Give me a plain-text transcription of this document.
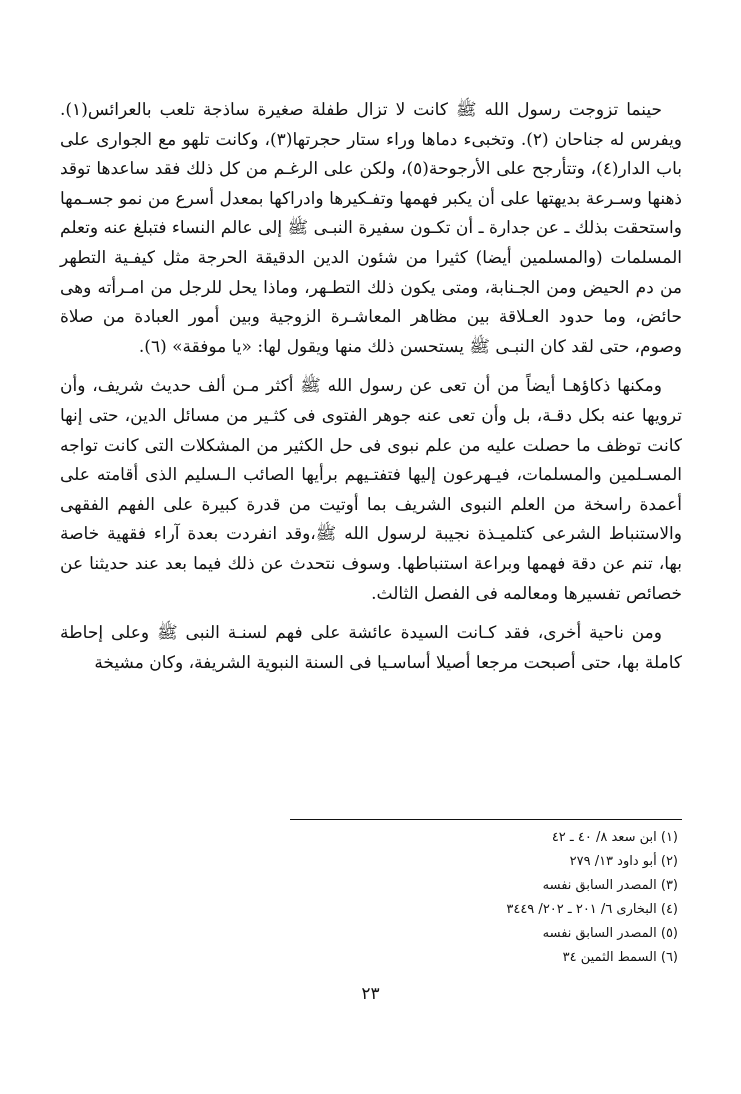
حينما تزوجت رسول الله ﷺ كانت لا تزال طفلة صغيرة ساذجة تلعب بالعرائس(١). ويفرس له جناحان (٢). وتخبىء دماها وراء ستار حجرتها(٣)، وكانت تلهو مع الجوارى على باب الدار(٤)، وتتأرجح على الأرجوحة(٥)، ولكن على الرغـم من كل ذلك فقد ساعدها توقد ذهنها وسـرعة بديهتها على أن يكبر فهمها وتفـكيرها وادراكها بمعدل أسرع من نمو جسـمها واستحقت بذلك ـ عن جدارة ـ أن تكـون سفيرة النبـى ﷺ إلى عالم النساء فتبلغ عنه وتعلم المسلمات (والمسلمين أيضا) كثيرا من شئون الدين الدقيقة الحرجة مثل كيفـية التطهر من دم الحيض ومن الجـنابة، ومتى يكون ذلك التطـهر، وماذا يحل للرجل من امـرأته وهى حائض، وما حدود العـلاقة بين مظاهر المعاشـرة الزوجية وبين أمور العبادة من صلاة وصوم، حتى لقد كان النبـى ﷺ يستحسن ذلك منها ويقول لها: «يا موفقة» (٦).

ومكنها ذكاؤهـا أيضاً من أن تعى عن رسول الله ﷺ أكثر مـن ألف حديث شريف، وأن ترويها عنه بكل دقـة، بل وأن تعى عنه جوهر الفتوى فى كثـير من مسائل الدين، حتى إنها كانت توظف ما حصلت عليه من علم نبوى فى حل الكثير من المشكلات التى كانت تواجه المسـلمين والمسلمات، فيـهرعون إليها فتفتـيهم برأيها الصائب الـسليم الذى أقامته على أعمدة راسخة من العلم النبوى الشريف بما أوتيت من قدرة كبيرة على الفهم الفقهى والاستنباط الشرعى كتلميـذة نجيبة لرسول الله ﷺ،وقد انفردت بعدة آراء فقهية خاصة بها، تنم عن دقة فهمها وبراعة استنباطها. وسوف نتحدث عن ذلك فيما بعد عند حديثنا عن خصائص تفسيرها ومعالمه فى الفصل الثالث.

ومن ناحية أخرى، فقد كـانت السيدة عائشة على فهم لسنـة النبى ﷺ وعلى إحاطة كاملة بها، حتى أصبحت مرجعا أصيلا أساسـيا فى السنة النبوية الشريفة، وكان مشيخة

(١) ابن سعد ٨/ ٤٠ ـ ٤٢
(٢) أبو داود ١٣/ ٢٧٩
(٣) المصدر السابق نفسه
(٤) البخارى ٦/ ٢٠١ ـ ٢٠٢/ ٣٤٤٩
(٥) المصدر السابق نفسه
(٦) السمط الثمين ٣٤
٢٣
